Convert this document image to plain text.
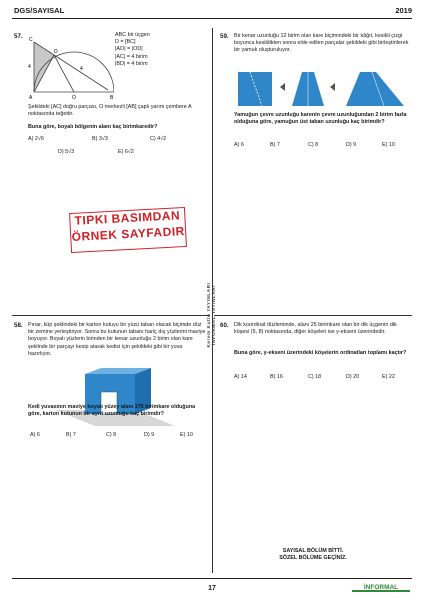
DGS/SAYISAL	2019
57. C
D
A	O	B
4	4
ABC bir üçgen
D = [BC]
|AO| = |OD|
|AC| = 4 birim
|BD| = 4 birim
Şekildeki [AC] doğru parçası, O merkezli [AB] çaplı yarım çembere A noktasında teğettir.
Buna göre, boyalı bölgenin alanı kaç birimkaredir?
A) 2√6	B) 3√3	C) 4√2
D) 5√3	E) 6√2
TIPKI BASIMDAN
ÖRNEK SAYFADIR
Kerem Kutlu YAYINLARI İNFORMAL YAYINLARI
58. Pınar, küp şeklindeki bir karton kutuyu bir yüzü taban olacak biçimde düz bir zemine yerleştiriyor. Sonra bu kutunun tabanı hariç dış yüzlerini maviye boyuyor. Boyalı yüzlerin birinden bir kenar uzunluğu 2 birim olan kare şeklinde bir parçayı kesip atarak kedisi için şekildeki gibi bir yuva hazırlıyor.
Kedi yuvasının maviye boyalı yüzey alanı 176 birimkare olduğuna göre, karton kutunun bir ayrıt uzunluğu kaç birimdir?
A) 6	B) 7	C) 8	D) 9	E) 10
59. Bir kenar uzunluğu 12 birim olan kare biçimindeki bir kâğıt, kesikli çizgi boyunca kesildikten sonra elde edilen parçalar şekildeki gibi birleştirilerek bir yamuk oluşturuluyor.
Yamuğun çevre uzunluğu karenin çevre uzunluğundan 2 birim fazla olduğuna göre, yamuğun üst taban uzunluğu kaç birimdir?
A) 6	B) 7	C) 8	D) 9	E) 10
60. Dik koordinat düzleminde, alanı 25 birimkare olan bir dik üçgenin dik köşesi (5, 8) noktasında, diğer köşeleri ise y-ekseni üzerindedir.
Buna göre, y-ekseni üzerindeki köşelerin ordinatları toplamı kaçtır?
A) 14	B) 16	C) 18	D) 20	E) 22
SAYISAL BÖLÜM BİTTİ.
SÖZEL BÖLÜME GEÇİNİZ.
17	İNFORMAL
